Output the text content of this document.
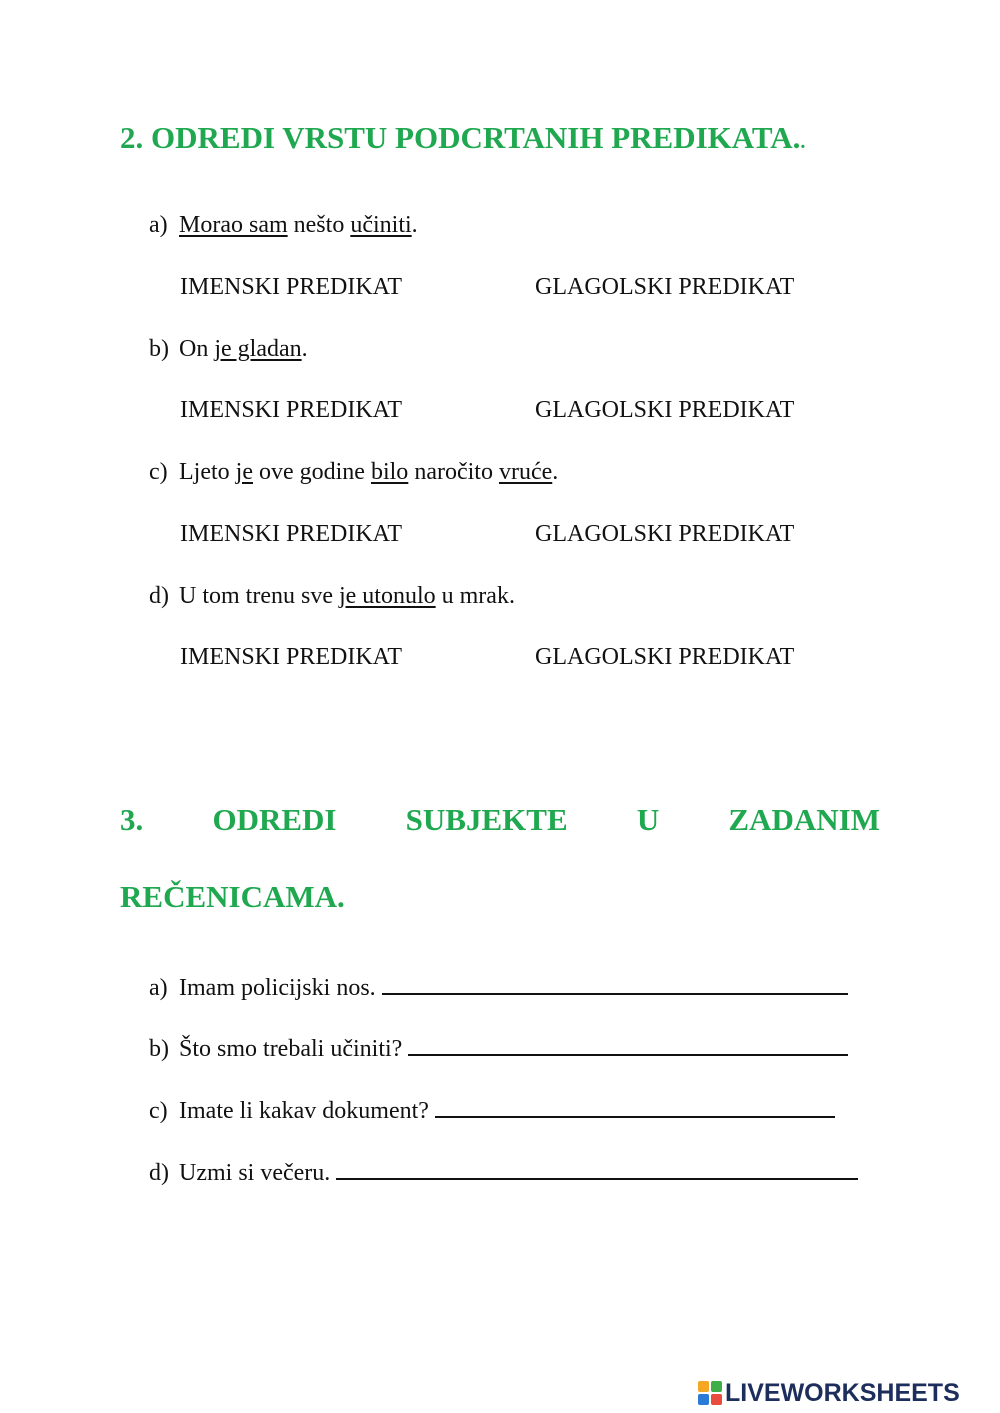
2. ODREDI VRSTU PODCRTANIH PREDIKATA..
a) Morao sam nešto učiniti.
IMENSKI PREDIKAT	GLAGOLSKI PREDIKAT
b) On je gladan.
IMENSKI PREDIKAT	GLAGOLSKI PREDIKAT
c) Ljeto je ove godine bilo naročito vruće.
IMENSKI PREDIKAT	GLAGOLSKI PREDIKAT
d) U tom trenu sve je utonulo u mrak.
IMENSKI PREDIKAT	GLAGOLSKI PREDIKAT
3. ODREDI SUBJEKTE U ZADANIM
REČENICAMA.
a) Imam policijski nos.
b) Što smo trebali učiniti?
c) Imate li kakav dokument?
d) Uzmi si večeru.
LIVEWORKSHEETS
